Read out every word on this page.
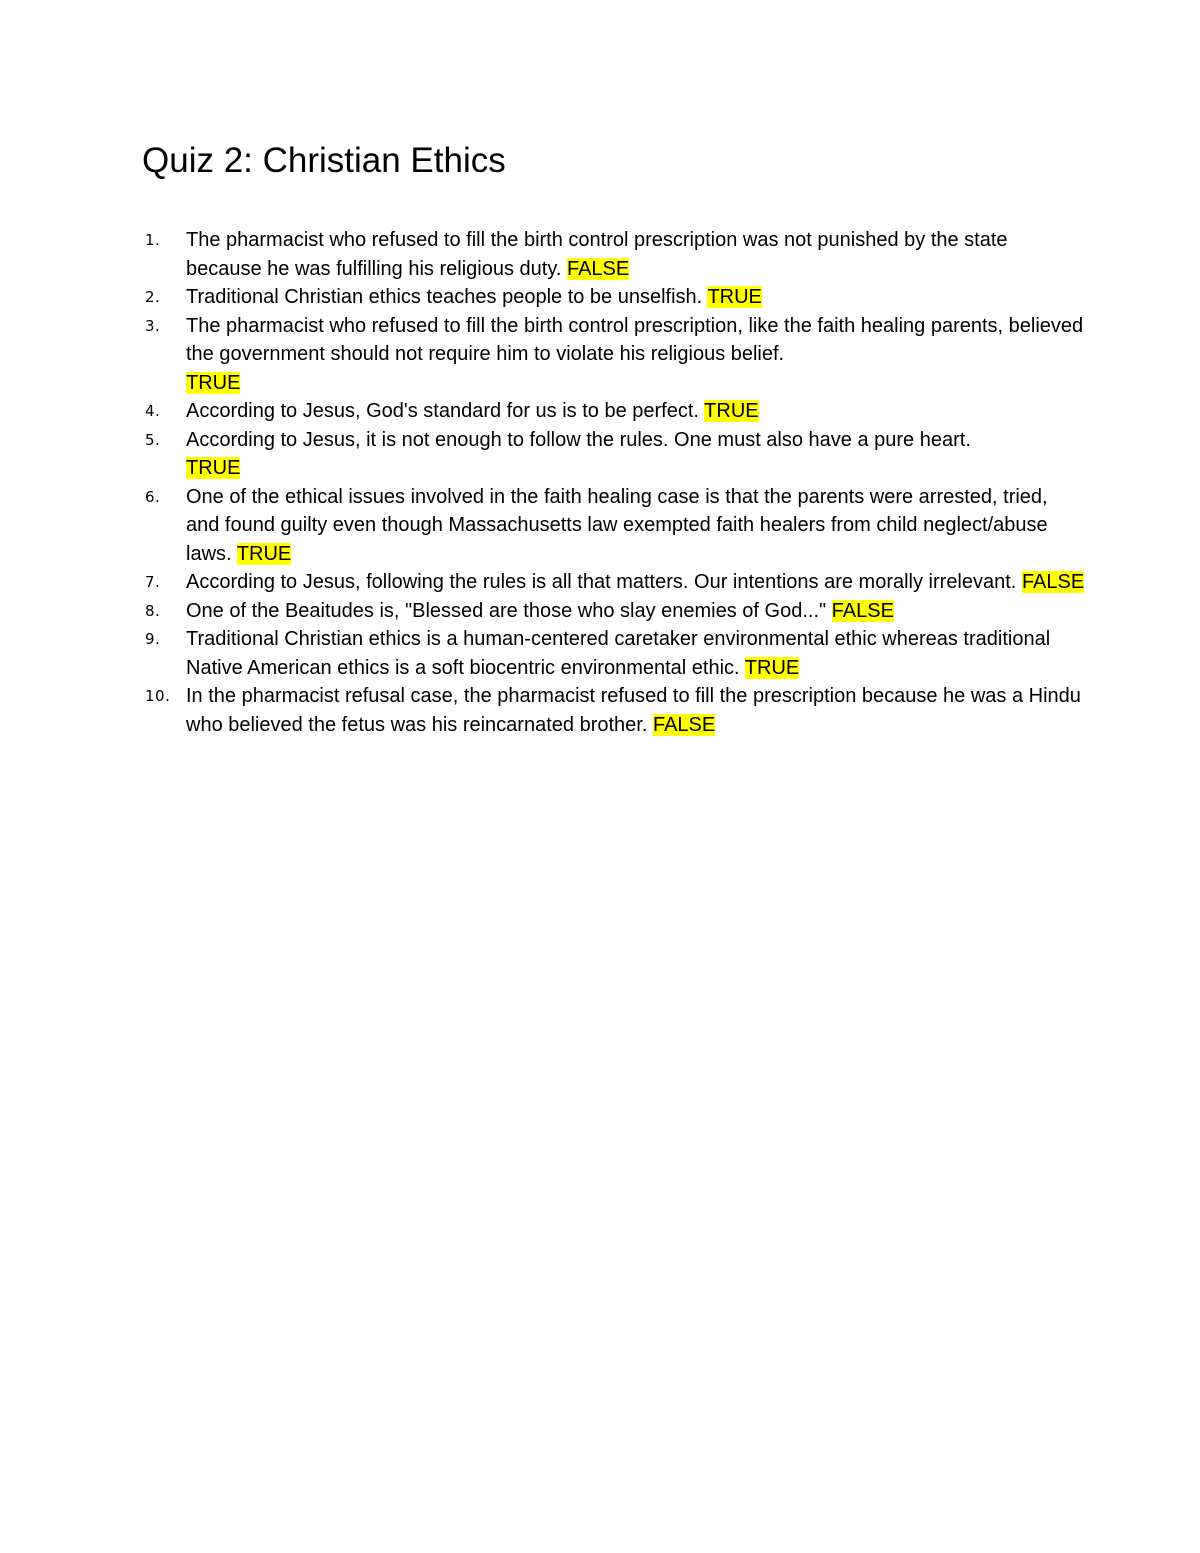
Quiz 2: Christian Ethics
1.	The pharmacist who refused to fill the birth control prescription was not punished by the state because he was fulfilling his religious duty. FALSE
2.	Traditional Christian ethics teaches people to be unselfish. TRUE
3.	The pharmacist who refused to fill the birth control prescription, like the faith healing parents, believed the government should not require him to violate his religious belief.
TRUE
4.	According to Jesus, God's standard for us is to be perfect. TRUE
5.	According to Jesus, it is not enough to follow the rules. One must also have a pure heart.
TRUE
6.	One of the ethical issues involved in the faith healing case is that the parents were arrested, tried, and found guilty even though Massachusetts law exempted faith healers from child neglect/abuse laws. TRUE
7.	According to Jesus, following the rules is all that matters. Our intentions are morally irrelevant. FALSE
8.	One of the Beaitudes is, "Blessed are those who slay enemies of God..." FALSE
9.	Traditional Christian ethics is a human-centered caretaker environmental ethic whereas traditional Native American ethics is a soft biocentric environmental ethic. TRUE
10. In the pharmacist refusal case, the pharmacist refused to fill the prescription because he was a Hindu who believed the fetus was his reincarnated brother. FALSE
